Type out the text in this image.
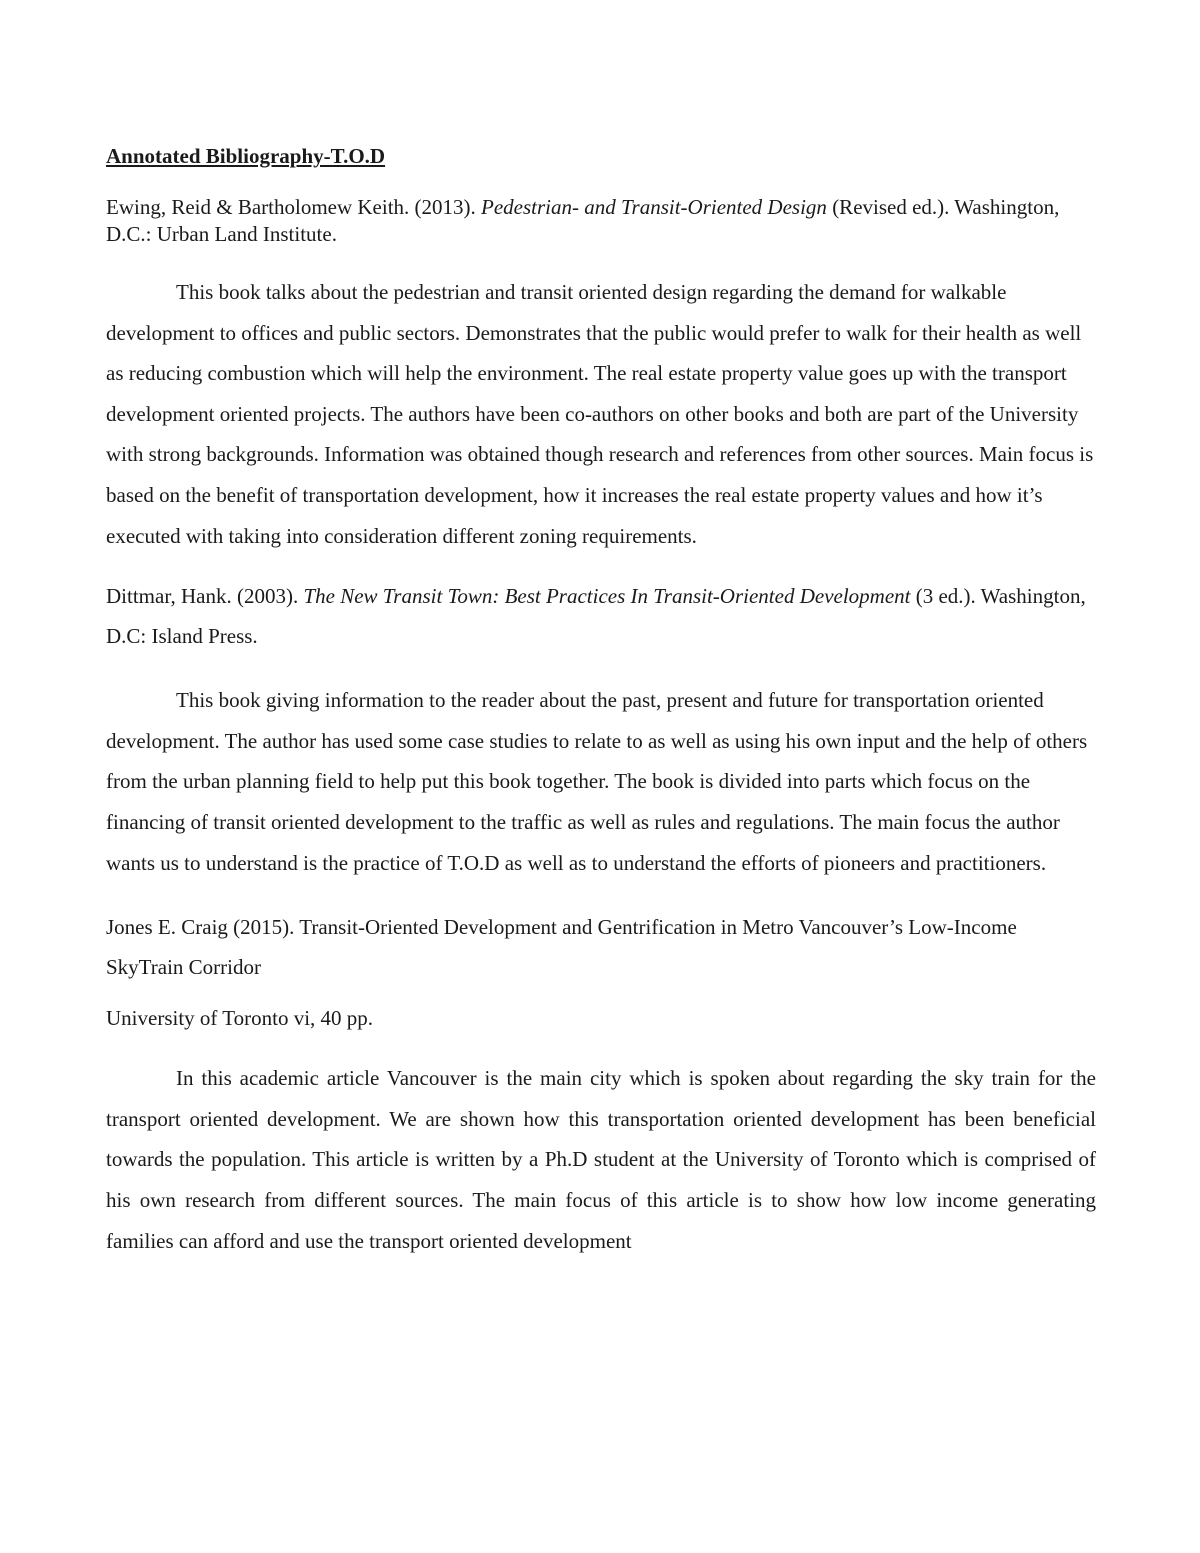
Annotated Bibliography-T.O.D

Ewing, Reid & Bartholomew Keith. (2013). Pedestrian- and Transit-Oriented Design (Revised ed.). Washington, D.C.: Urban Land Institute.

This book talks about the pedestrian and transit oriented design regarding the demand for walkable development to offices and public sectors. Demonstrates that the public would prefer to walk for their health as well as reducing combustion which will help the environment. The real estate property value goes up with the transport development oriented projects. The authors have been co-authors on other books and both are part of the University with strong backgrounds. Information was obtained though research and references from other sources. Main focus is based on the benefit of transportation development, how it increases the real estate property values and how it’s executed with taking into consideration different zoning requirements.

Dittmar, Hank. (2003). The New Transit Town: Best Practices In Transit-Oriented Development (3 ed.). Washington, D.C: Island Press.

This book giving information to the reader about the past, present and future for transportation oriented development. The author has used some case studies to relate to as well as using his own input and the help of others from the urban planning field to help put this book together. The book is divided into parts which focus on the financing of transit oriented development to the traffic as well as rules and regulations. The main focus the author wants us to understand is the practice of T.O.D as well as to understand the efforts of pioneers and practitioners.

Jones E. Craig (2015). Transit-Oriented Development and Gentrification in Metro Vancouver’s Low-Income SkyTrain Corridor

University of Toronto vi, 40 pp.

In this academic article Vancouver is the main city which is spoken about regarding the sky train for the transport oriented development. We are shown how this transportation oriented development has been beneficial towards the population. This article is written by a Ph.D student at the University of Toronto which is comprised of his own research from different sources. The main focus of this article is to show how low income generating families can afford and use the transport oriented development
